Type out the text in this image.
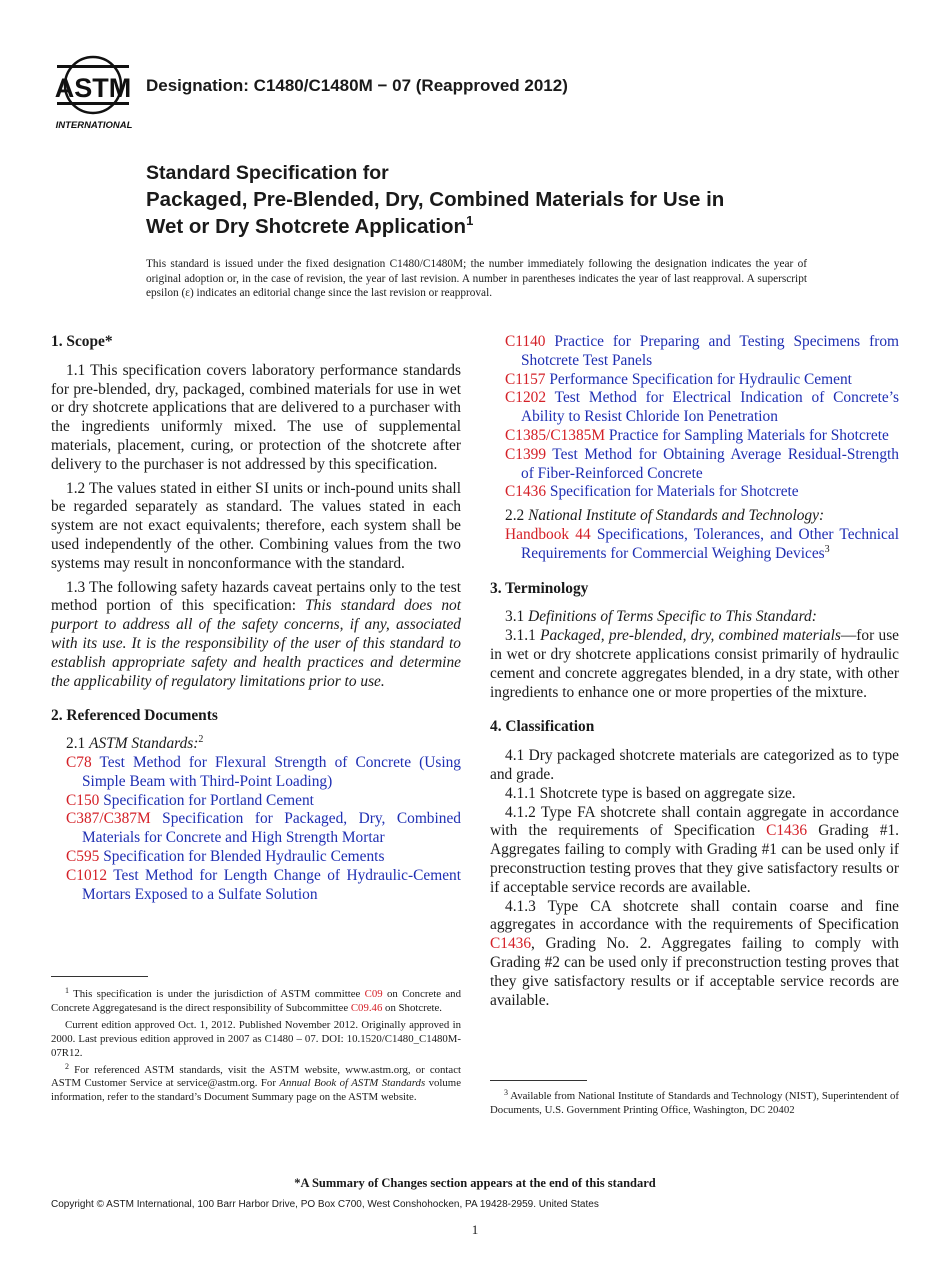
ASTM
INTERNATIONAL
Designation: C1480/C1480M − 07 (Reapproved 2012)
Standard Specification for
Packaged, Pre-Blended, Dry, Combined Materials for Use in
Wet or Dry Shotcrete Application$^1$
This standard is issued under the fixed designation C1480/C1480M; the number immediately following the designation indicates the year of original adoption or, in the case of revision, the year of last revision. A number in parentheses indicates the year of last reapproval. A superscript epsilon (ε) indicates an editorial change since the last revision or reapproval.

1. Scope*

1.1 This specification covers laboratory performance standards for pre-blended, dry, packaged, combined materials for use in wet or dry shotcrete applications that are delivered to a purchaser with the ingredients uniformly mixed. The use of supplemental materials, placement, curing, or protection of the shotcrete after delivery to the purchaser is not addressed by this specification.

1.2 The values stated in either SI units or inch-pound units shall be regarded separately as standard. The values stated in each system are not exact equivalents; therefore, each system shall be used independently of the other. Combining values from the two systems may result in nonconformance with the standard.

1.3 The following safety hazards caveat pertains only to the test method portion of this specification: This standard does not purport to address all of the safety concerns, if any, associated with its use. It is the responsibility of the user of this standard to establish appropriate safety and health practices and determine the applicability of regulatory limitations prior to use.

2. Referenced Documents

2.1 ASTM Standards:$^2$

C78 Test Method for Flexural Strength of Concrete (Using Simple Beam with Third-Point Loading)

C150 Specification for Portland Cement

C387/C387M Specification for Packaged, Dry, Combined Materials for Concrete and High Strength Mortar

C595 Specification for Blended Hydraulic Cements

C1012 Test Method for Length Change of Hydraulic-Cement Mortars Exposed to a Sulfate Solution

C1140 Practice for Preparing and Testing Specimens from Shotcrete Test Panels

C1157 Performance Specification for Hydraulic Cement

C1202 Test Method for Electrical Indication of Concrete’s Ability to Resist Chloride Ion Penetration

C1385/C1385M Practice for Sampling Materials for Shotcrete

C1399 Test Method for Obtaining Average Residual-Strength of Fiber-Reinforced Concrete

C1436 Specification for Materials for Shotcrete

2.2 National Institute of Standards and Technology:

Handbook 44 Specifications, Tolerances, and Other Technical Requirements for Commercial Weighing Devices$^3$

3. Terminology

3.1 Definitions of Terms Specific to This Standard:

3.1.1 Packaged, pre-blended, dry, combined materials—for use in wet or dry shotcrete applications consist primarily of hydraulic cement and concrete aggregates blended, in a dry state, with other ingredients to enhance one or more properties of the mixture.

4. Classification

4.1 Dry packaged shotcrete materials are categorized as to type and grade.

4.1.1 Shotcrete type is based on aggregate size.

4.1.2 Type FA shotcrete shall contain aggregate in accordance with the requirements of Specification C1436 Grading #1. Aggregates failing to comply with Grading #1 can be used only if preconstruction testing proves that they give satisfactory results or if acceptable service records are available.

4.1.3 Type CA shotcrete shall contain coarse and fine aggregates in accordance with the requirements of Specification C1436, Grading No. 2. Aggregates failing to comply with Grading #2 can be used only if preconstruction testing proves that they give satisfactory results or if acceptable service records are available.

$^1$ This specification is under the jurisdiction of ASTM committee C09 on Concrete and Concrete Aggregatesand is the direct responsibility of Subcommittee C09.46 on Shotcrete.

Current edition approved Oct. 1, 2012. Published November 2012. Originally approved in 2000. Last previous edition approved in 2007 as C1480 – 07. DOI: 10.1520/C1480_C1480M-07R12.

$^2$ For referenced ASTM standards, visit the ASTM website, www.astm.org, or contact ASTM Customer Service at service@astm.org. For Annual Book of ASTM Standards volume information, refer to the standard’s Document Summary page on the ASTM website.	$^3$ Available from National Institute of Standards and Technology (NIST), Superintendent of Documents, U.S. Government Printing Office, Washington, DC 20402

*A Summary of Changes section appears at the end of this standard
Copyright © ASTM International, 100 Barr Harbor Drive, PO Box C700, West Conshohocken, PA 19428-2959. United States
1
